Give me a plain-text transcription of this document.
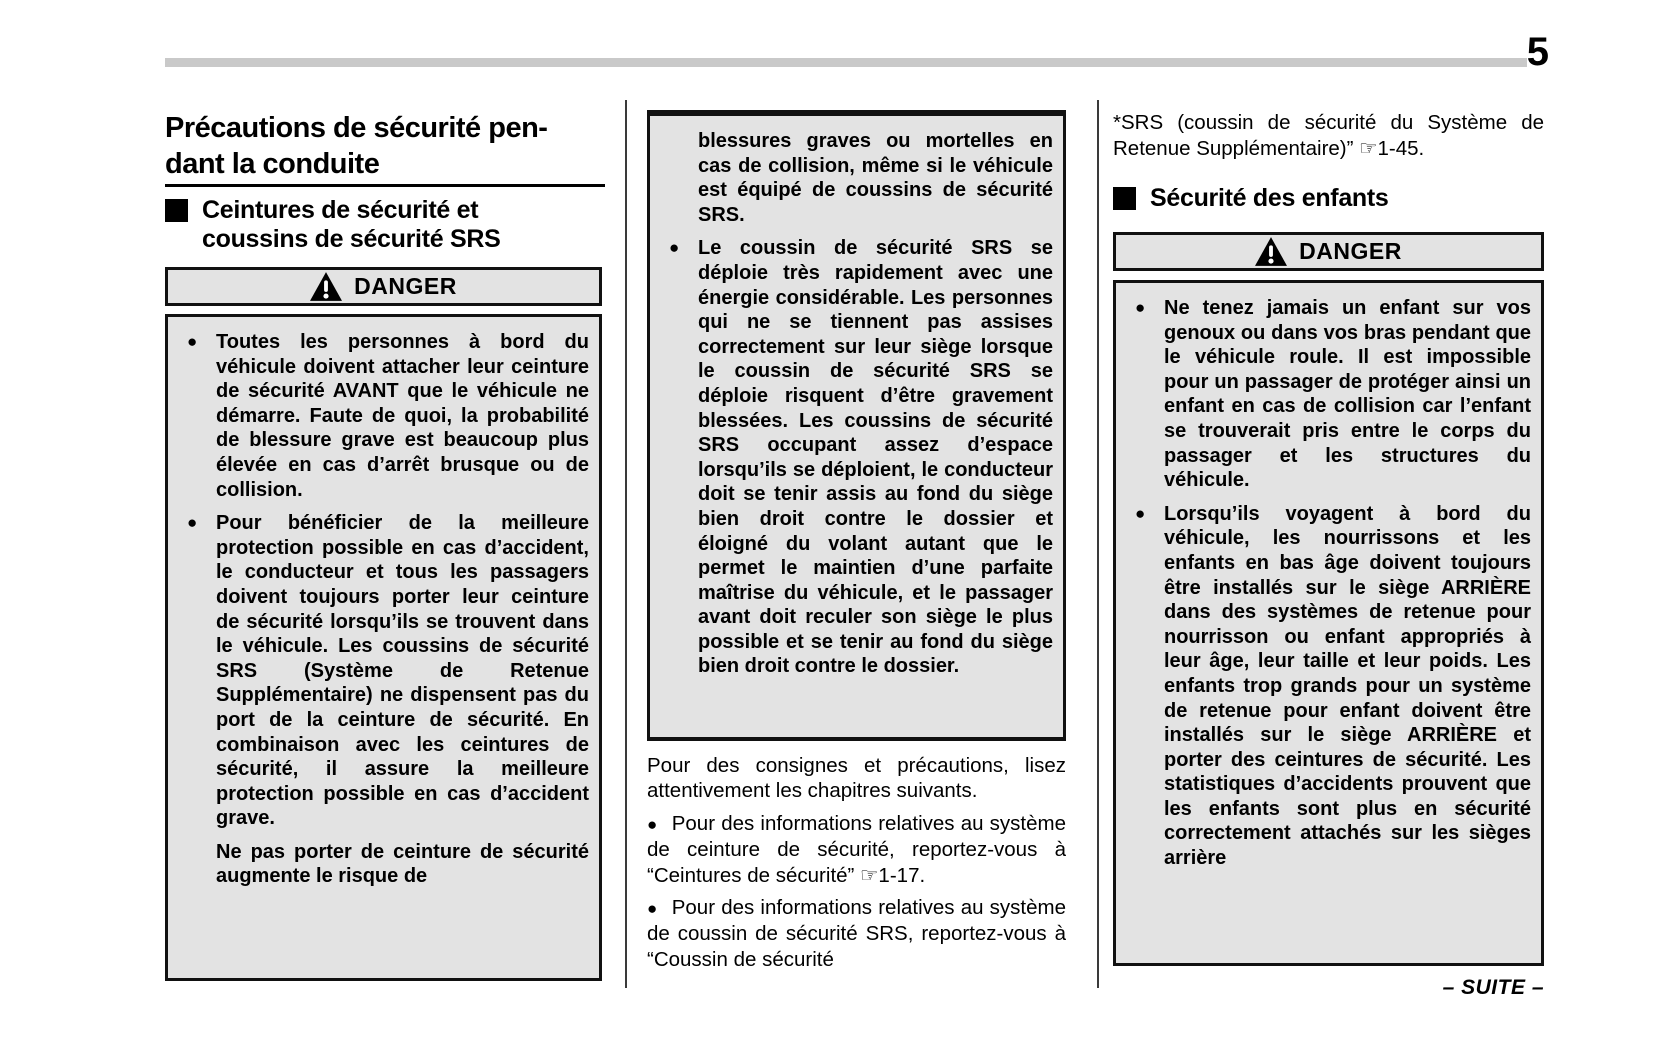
5
Précautions de sécurité pen-
dant la conduite
Ceintures de sécurité et
coussins de sécurité SRS
DANGER
● Toutes les personnes à bord du véhicule doivent attacher leur ceinture de sécurité AVANT que le véhicule ne démarre. Faute de quoi, la probabilité de blessure grave est beaucoup plus élevée en cas d’arrêt brusque ou de collision.
● Pour bénéficier de la meilleure protection possible en cas d’accident, le conducteur et tous les passagers doivent toujours porter leur ceinture de sécurité lorsqu’ils se trouvent dans le véhicule. Les coussins de sécurité SRS (Système de Retenue Supplémentaire) ne dispensent pas du port de la ceinture de sécurité. En combinaison avec les ceintures de sécurité, il assure la meilleure protection possible en cas d’accident grave.
Ne pas porter de ceinture de sécurité augmente le risque de
blessures graves ou mortelles en cas de collision, même si le véhicule est équipé de coussins de sécurité SRS.
● Le coussin de sécurité SRS se déploie très rapidement avec une énergie considérable. Les personnes qui ne se tiennent pas assises correctement sur leur siège lorsque le coussin de sécurité SRS se déploie risquent d’être gravement blessées. Les coussins de sécurité SRS occupant assez d’espace lorsqu’ils se déploient, le conducteur doit se tenir assis au fond du siège bien droit contre le dossier et éloigné du volant autant que le permet le maintien d’une parfaite maîtrise du véhicule, et le passager avant doit reculer son siège le plus possible et se tenir au fond du siège bien droit contre le dossier.

Pour des consignes et précautions, lisez attentivement les chapitres suivants.

● Pour des informations relatives au système de ceinture de sécurité, reportez-vous à “Ceintures de sécurité” ☞1-17.

● Pour des informations relatives au système de coussin de sécurité SRS, reportez-vous à “Coussin de sécurité

*SRS (coussin de sécurité du Système de Retenue Supplémentaire)” ☞1-45.
Sécurité des enfants
DANGER
● Ne tenez jamais un enfant sur vos genoux ou dans vos bras pendant que le véhicule roule. Il est impossible pour un passager de protéger ainsi un enfant en cas de collision car l’enfant se trouverait pris entre le corps du passager et les structures du véhicule.
● Lorsqu’ils voyagent à bord du véhicule, les nourrissons et les enfants en bas âge doivent toujours être installés sur le siège ARRIÈRE dans des systèmes de retenue pour nourrisson ou enfant appropriés à leur âge, leur taille et leur poids. Les enfants trop grands pour un système de retenue pour enfant doivent être installés sur le siège ARRIÈRE et porter des ceintures de sécurité. Les statistiques d’accidents prouvent que les enfants sont plus en sécurité correctement attachés sur les sièges arrière
– SUITE –
